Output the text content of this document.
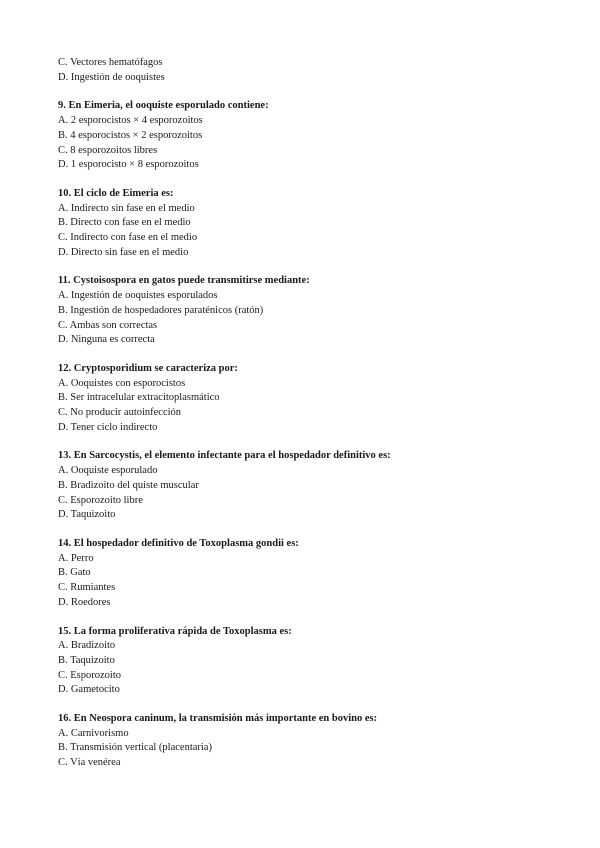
C. Vectores hematófagos
D. Ingestión de ooquistes
9. En Eimeria, el ooquiste esporulado contiene:
A. 2 esporocistos × 4 esporozoitos
B. 4 esporocistos × 2 esporozoitos
C. 8 esporozoitos libres
D. 1 esporocisto × 8 esporozoitos
10. El ciclo de Eimeria es:
A. Indirecto sin fase en el medio
B. Directo con fase en el medio
C. Indirecto con fase en el medio
D. Directo sin fase en el medio
11. Cystoisospora en gatos puede transmitirse mediante:
A. Ingestión de ooquistes esporulados
B. Ingestión de hospedadores paraténicos (ratón)
C. Ambas son correctas
D. Ninguna es correcta
12. Cryptosporidium se caracteriza por:
A. Ooquistes con esporocistos
B. Ser intracelular extracitoplasmático
C. No producir autoinfección
D. Tener ciclo indirecto
13. En Sarcocystis, el elemento infectante para el hospedador definitivo es:
A. Ooquiste esporulado
B. Bradizoito del quiste muscular
C. Esporozoito libre
D. Taquizoito
14. El hospedador definitivo de Toxoplasma gondii es:
A. Perro
B. Gato
C. Rumiantes
D. Roedores
15. La forma proliferativa rápida de Toxoplasma es:
A. Bradizoito
B. Taquizoito
C. Esporozoito
D. Gametocito
16. En Neospora caninum, la transmisión más importante en bovino es:
A. Carnivorismo
B. Transmisión vertical (placentaria)
C. Vía venérea
